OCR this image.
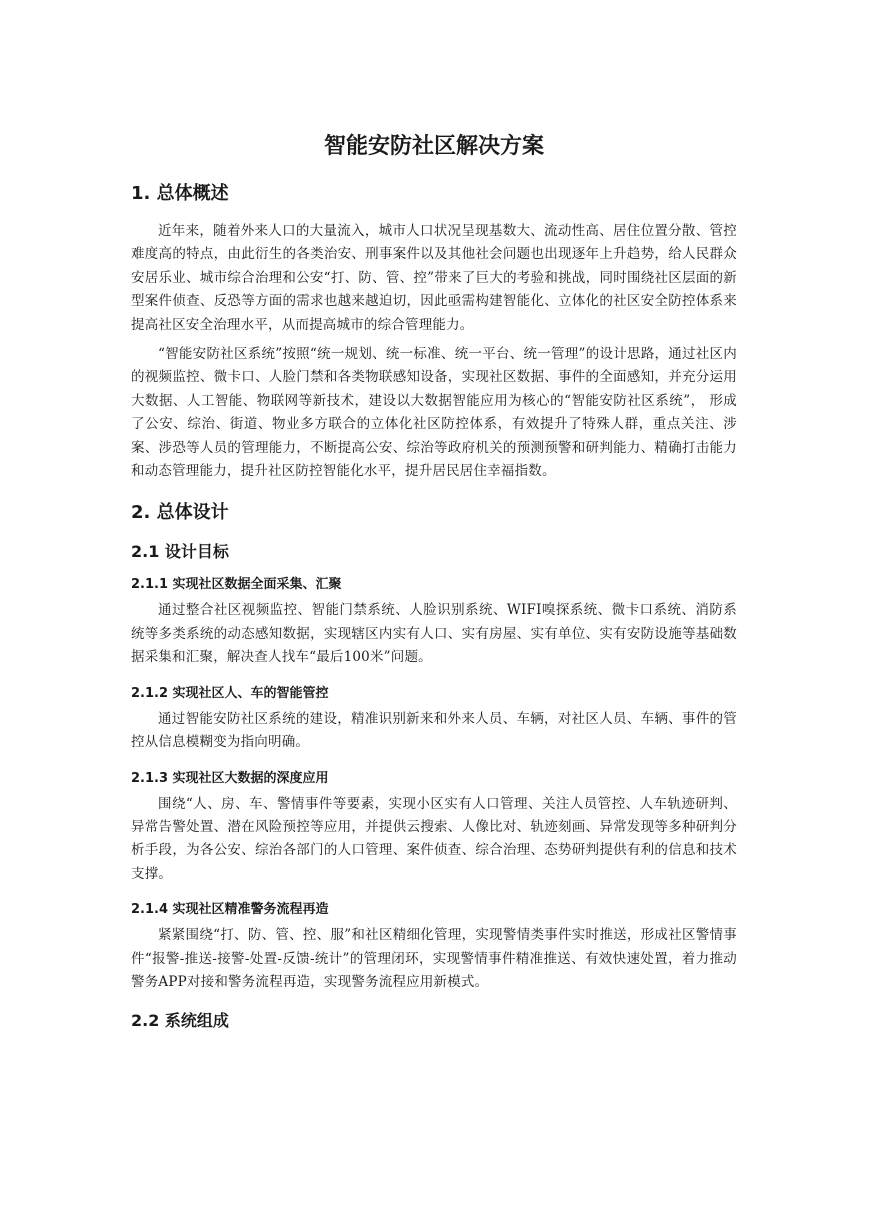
智能安防社区解决方案
1. 总体概述

近年来，随着外来人口的大量流入，城市人口状况呈现基数大、流动性高、居住位置分散、管控难度高的特点，由此衍生的各类治安、刑事案件以及其他社会问题也出现逐年上升趋势，给人民群众安居乐业、城市综合治理和公安“打、防、管、控”带来了巨大的考验和挑战，同时围绕社区层面的新型案件侦查、反恐等方面的需求也越来越迫切，因此亟需构建智能化、立体化的社区安全防控体系来提高社区安全治理水平，从而提高城市的综合管理能力。

“智能安防社区系统”按照“统一规划、统一标准、统一平台、统一管理”的设计思路，通过社区内的视频监控、微卡口、人脸门禁和各类物联感知设备，实现社区数据、事件的全面感知，并充分运用大数据、人工智能、物联网等新技术，建设以大数据智能应用为核心的“智能安防社区系统”， 形成了公安、综治、街道、物业多方联合的立体化社区防控体系，有效提升了特殊人群，重点关注、涉案、涉恐等人员的管理能力，不断提高公安、综治等政府机关的预测预警和研判能力、精确打击能力和动态管理能力，提升社区防控智能化水平，提升居民居住幸福指数。

2. 总体设计
2.1 设计目标
2.1.1 实现社区数据全面采集、汇聚

通过整合社区视频监控、智能门禁系统、人脸识别系统、WIFI嗅探系统、微卡口系统、消防系统等多类系统的动态感知数据，实现辖区内实有人口、实有房屋、实有单位、实有安防设施等基础数据采集和汇聚，解决查人找车“最后100米”问题。

2.1.2 实现社区人、车的智能管控

通过智能安防社区系统的建设，精准识别新来和外来人员、车辆，对社区人员、车辆、事件的管控从信息模糊变为指向明确。

2.1.3 实现社区大数据的深度应用

围绕“人、房、车、警情事件等要素，实现小区实有人口管理、关注人员管控、人车轨迹研判、异常告警处置、潜在风险预控等应用，并提供云搜索、人像比对、轨迹刻画、异常发现等多种研判分析手段，为各公安、综治各部门的人口管理、案件侦查、综合治理、态势研判提供有利的信息和技术支撑。

2.1.4 实现社区精准警务流程再造

紧紧围绕“打、防、管、控、服”和社区精细化管理，实现警情类事件实时推送，形成社区警情事件“报警-推送-接警-处置-反馈-统计”的管理闭环，实现警情事件精准推送、有效快速处置，着力推动警务APP对接和警务流程再造，实现警务流程应用新模式。

2.2 系统组成
